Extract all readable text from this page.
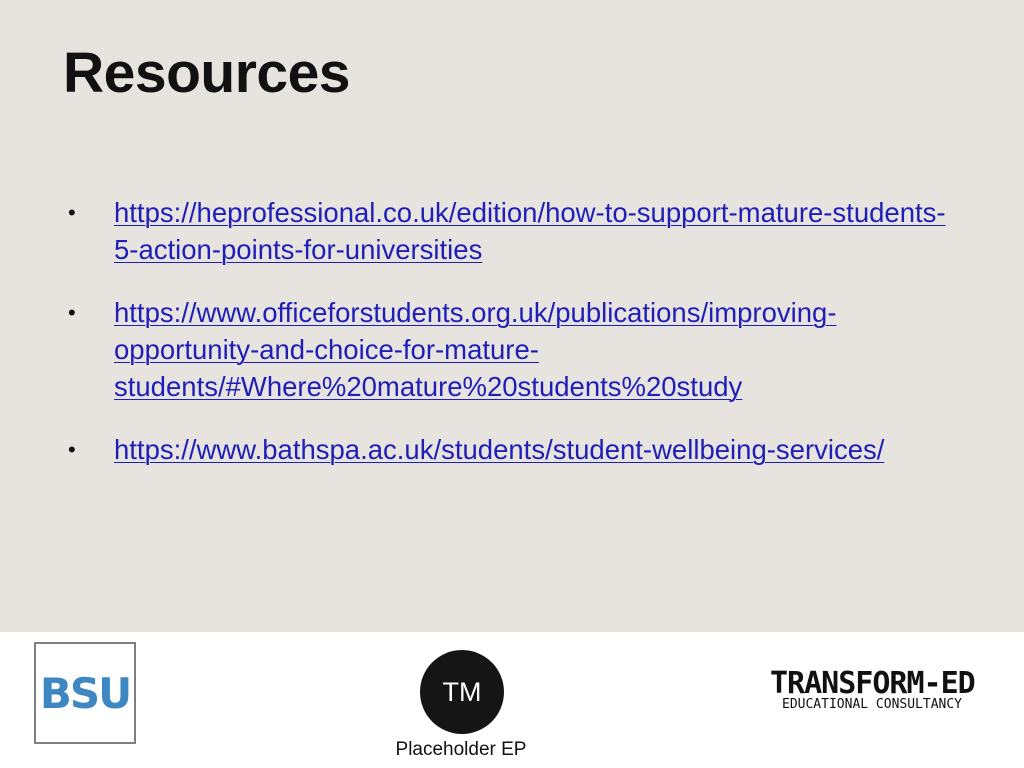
Resources
•	https://heprofessional.co.uk/edition/how-to-support-mature-students-5-action-points-for-universities
•	https://www.officeforstudents.org.uk/publications/improving-opportunity-and-choice-for-mature-students/#Where%20mature%20students%20study
•	https://www.bathspa.ac.uk/students/student-wellbeing-services/
BSU	TM
Placeholder EP
TRANSFORM-ED
EDUCATIONAL CONSULTANCY
